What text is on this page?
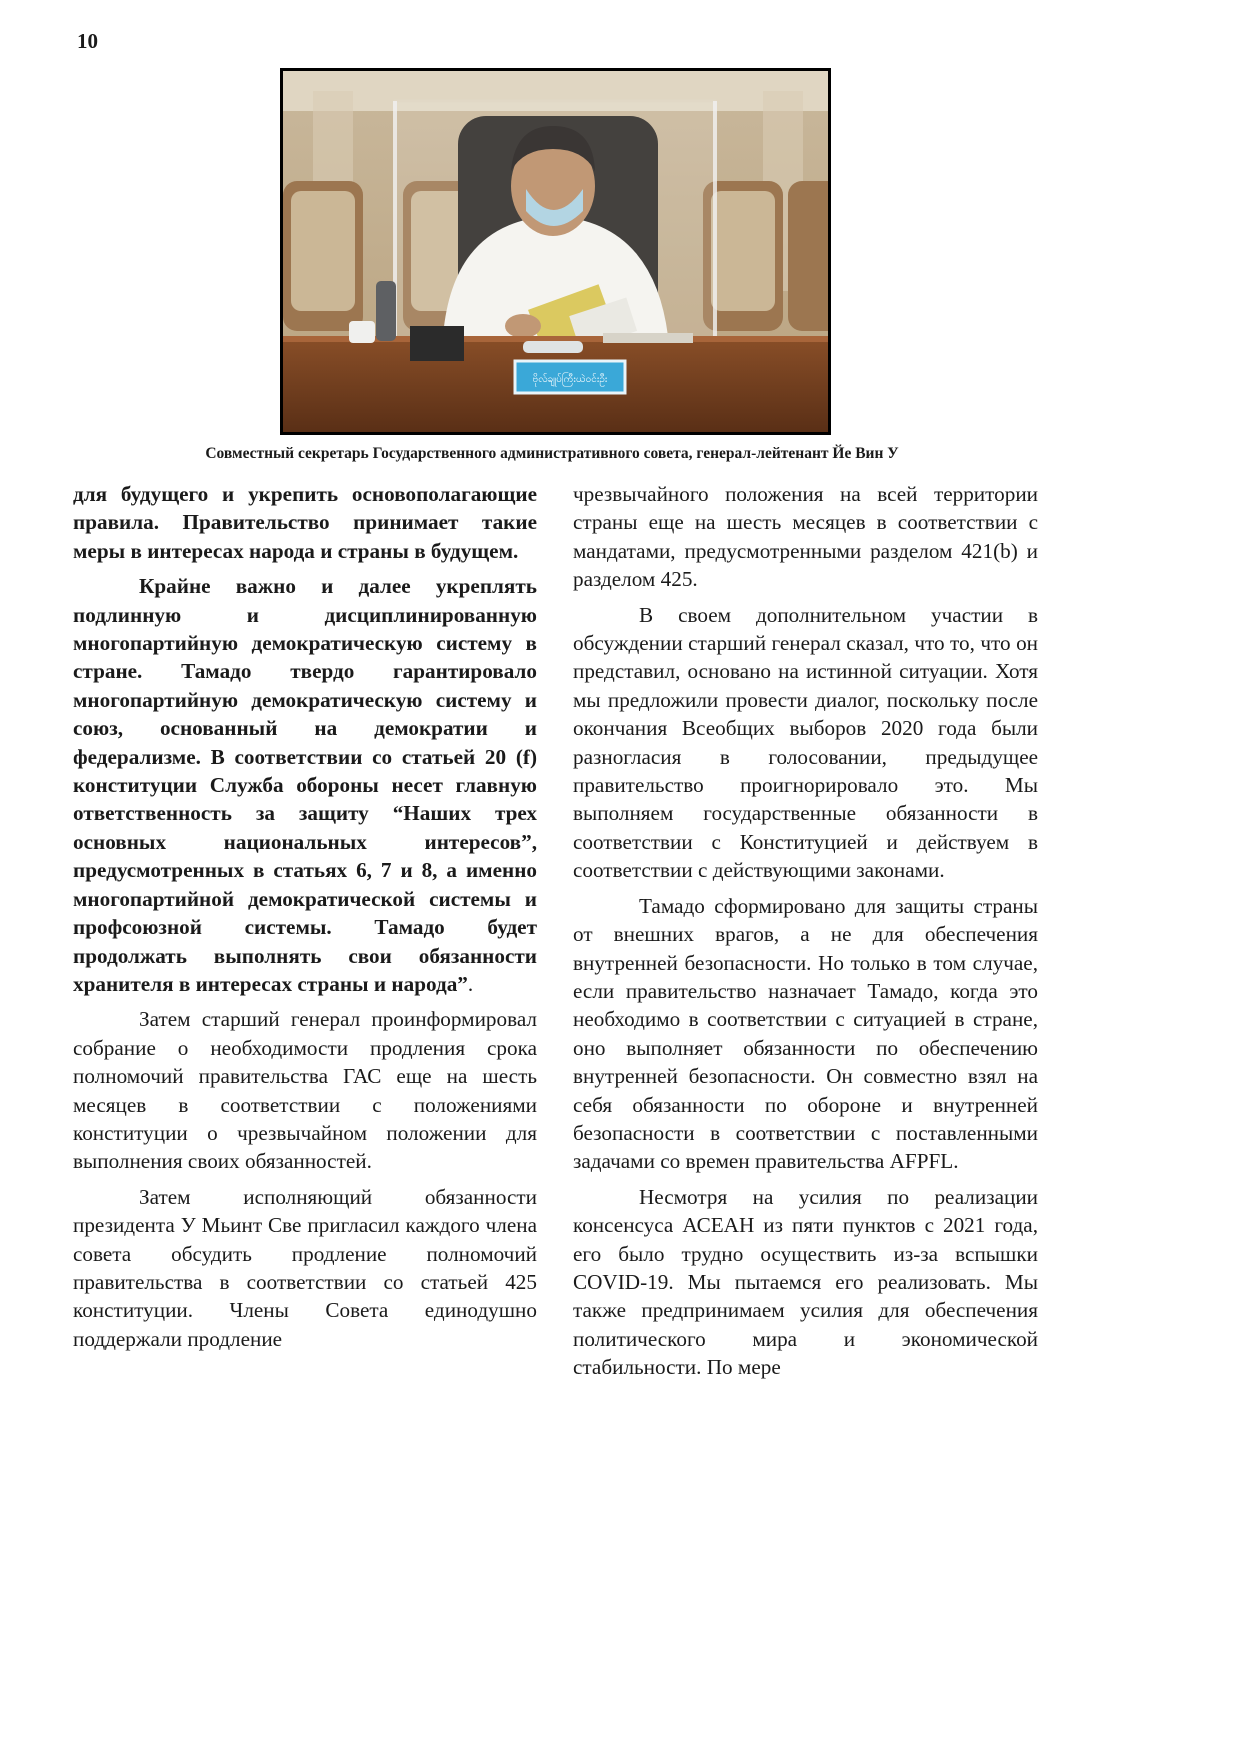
10
ဗိုလ်ချုပ်ကြီးယဲဝင်းဦး
Совместный секретарь Государственного административного совета, генерал-лейтенант Йе Вин У

для будущего и укрепить основополагающие правила. Правительство принимает такие меры в интересах народа и страны в будущем.

Крайне важно и далее укреплять подлинную и дисциплинированную многопартийную демократическую систему в стране. Тамадо твердо гарантировало многопартийную демократическую систему и союз, основанный на демократии и федерализме. В соответствии со статьей 20 (f) конституции Служба обороны несет главную ответственность за защиту “Наших трех основных национальных интересов”, предусмотренных в статьях 6, 7 и 8, а именно многопартийной демократической системы и профсоюзной системы. Тамадо будет продолжать выполнять свои обязанности хранителя в интересах страны и народа”.

Затем старший генерал проинформировал собрание о необходимости продления срока полномочий правительства ГАС еще на шесть месяцев в соответствии с положениями конституции о чрезвычайном положении для выполнения своих обязанностей.

Затем исполняющий обязанности президента У Мьинт Све пригласил каждого члена совета обсудить продление полномочий правительства в соответствии со статьей 425 конституции. Члены Совета единодушно поддержали продление

чрезвычайного положения на всей территории страны еще на шесть месяцев в соответствии с мандатами, предусмотренными разделом 421(b) и разделом 425.

В своем дополнительном участии в обсуждении старший генерал сказал, что то, что он представил, основано на истинной ситуации. Хотя мы предложили провести диалог, поскольку после окончания Всеобщих выборов 2020 года были разногласия в голосовании, предыдущее правительство проигнорировало это. Мы выполняем государственные обязанности в соответствии с Конституцией и действуем в соответствии с действующими законами.

Тамадо сформировано для защиты страны от внешних врагов, а не для обеспечения внутренней безопасности. Но только в том случае, если правительство назначает Тамадо, когда это необходимо в соответствии с ситуацией в стране, оно выполняет обязанности по обеспечению внутренней безопасности. Он совместно взял на себя обязанности по обороне и внутренней безопасности в соответствии с поставленными задачами со времен правительства AFPFL.

Несмотря на усилия по реализации консенсуса АСЕАН из пяти пунктов с 2021 года, его было трудно осуществить из-за вспышки COVID-19. Мы пытаемся его реализовать. Мы также предпринимаем усилия для обеспечения политического мира и экономической стабильности. По мере
